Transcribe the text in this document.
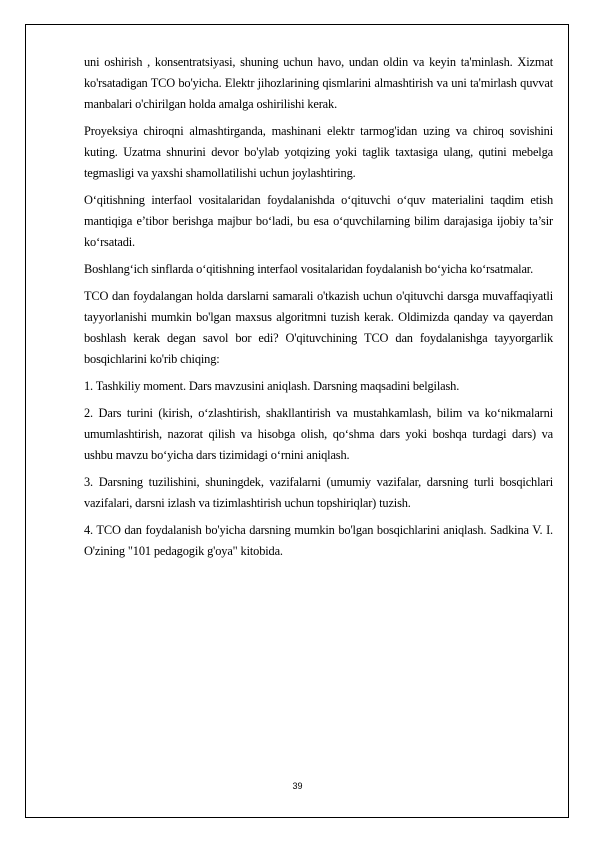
uni oshirish , konsentratsiyasi, shuning uchun havo, undan oldin va keyin ta'minlash. Xizmat ko'rsatadigan TCO bo'yicha. Elektr jihozlarining qismlarini almashtirish va uni ta'mirlash quvvat manbalari o'chirilgan holda amalga oshirilishi kerak.

Proyeksiya chiroqni almashtirganda, mashinani elektr tarmog'idan uzing va chiroq sovishini kuting. Uzatma shnurini devor bo'ylab yotqizing yoki taglik taxtasiga ulang, qutini mebelga tegmasligi va yaxshi shamollatilishi uchun joylashtiring.

O‘qitishning interfaol vositalaridan foydalanishda o‘qituvchi o‘quv materialini taqdim etish mantiqiga e’tibor berishga majbur bo‘ladi, bu esa o‘quvchilarning bilim darajasiga ijobiy ta’sir ko‘rsatadi.

Boshlang‘ich sinflarda o‘qitishning interfaol vositalaridan foydalanish bo‘yicha ko‘rsatmalar.

TCO dan foydalangan holda darslarni samarali o'tkazish uchun o'qituvchi darsga muvaffaqiyatli tayyorlanishi mumkin bo'lgan maxsus algoritmni tuzish kerak. Oldimizda qanday va qayerdan boshlash kerak degan savol bor edi? O'qituvchining TCO dan foydalanishga tayyorgarlik bosqichlarini ko'rib chiqing:

1. Tashkiliy moment. Dars mavzusini aniqlash. Darsning maqsadini belgilash.

2. Dars turini (kirish, o‘zlashtirish, shakllantirish va mustahkamlash, bilim va ko‘nikmalarni umumlashtirish, nazorat qilish va hisobga olish, qo‘shma dars yoki boshqa turdagi dars) va ushbu mavzu bo‘yicha dars tizimidagi o‘rnini aniqlash.

3. Darsning tuzilishini, shuningdek, vazifalarni (umumiy vazifalar, darsning turli bosqichlari vazifalari, darsni izlash va tizimlashtirish uchun topshiriqlar) tuzish.

4. TCO dan foydalanish bo'yicha darsning mumkin bo'lgan bosqichlarini aniqlash. Sadkina V. I. O'zining "101 pedagogik g'oya" kitobida.

39
